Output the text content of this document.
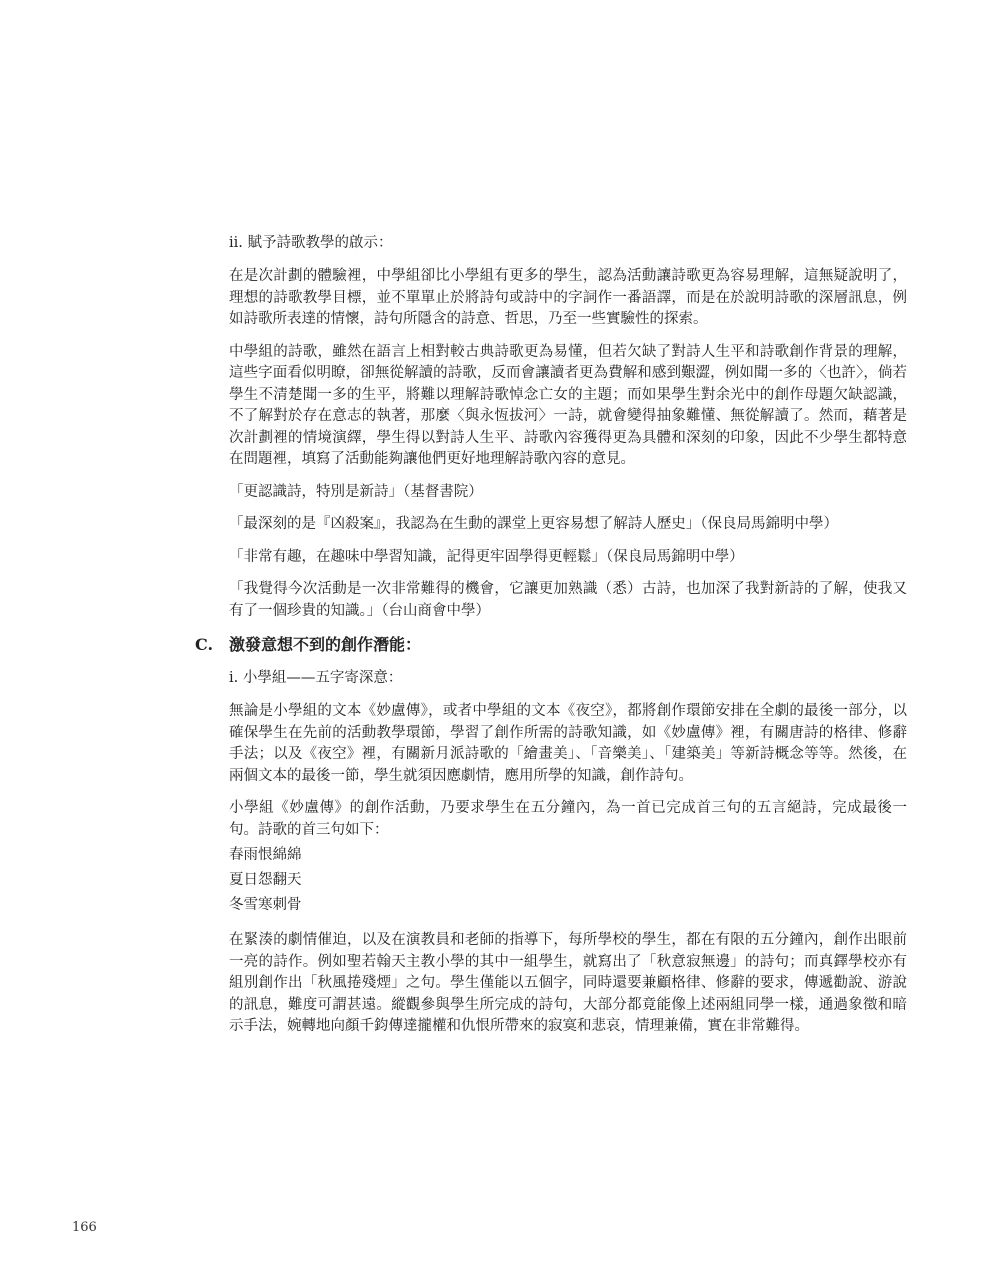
ii. 賦予詩歌教學的啟示：

在是次計劃的體驗裡，中學組卻比小學組有更多的學生，認為活動讓詩歌更為容易理解，這無疑說明了，理想的詩歌教學目標，並不單單止於將詩句或詩中的字詞作一番語譯，而是在於說明詩歌的深層訊息，例如詩歌所表達的情懷，詩句所隱含的詩意、哲思，乃至一些實驗性的探索。

中學組的詩歌，雖然在語言上相對較古典詩歌更為易懂，但若欠缺了對詩人生平和詩歌創作背景的理解，這些字面看似明瞭，卻無從解讀的詩歌，反而會讓讀者更為費解和感到艱澀，例如聞一多的〈也許〉，倘若學生不清楚聞一多的生平，將難以理解詩歌悼念亡女的主題；而如果學生對余光中的創作母題欠缺認識，不了解對於存在意志的執著，那麼〈與永恆拔河〉一詩，就會變得抽象難懂、無從解讀了。然而，藉著是次計劃裡的情境演繹，學生得以對詩人生平、詩歌內容獲得更為具體和深刻的印象，因此不少學生都特意在問題裡，填寫了活動能夠讓他們更好地理解詩歌內容的意見。

「更認識詩，特別是新詩」（基督書院）

「最深刻的是『凶殺案』，我認為在生動的課堂上更容易想了解詩人歷史」（保良局馬錦明中學）

「非常有趣，在趣味中學習知識，記得更牢固學得更輕鬆」（保良局馬錦明中學）

「我覺得今次活動是一次非常難得的機會，它讓更加熟識（悉）古詩，也加深了我對新詩的了解，使我又有了一個珍貴的知識。」（台山商會中學）

C. 激發意想不到的創作潛能：

i. 小學組——五字寄深意：

無論是小學組的文本《妙盧傳》，或者中學組的文本《夜空》，都將創作環節安排在全劇的最後一部分，以確保學生在先前的活動教學環節，學習了創作所需的詩歌知識，如《妙盧傳》裡，有關唐詩的格律、修辭手法；以及《夜空》裡，有關新月派詩歌的「繪畫美」、「音樂美」、「建築美」等新詩概念等等。然後，在兩個文本的最後一節，學生就須因應劇情，應用所學的知識，創作詩句。

小學組《妙盧傳》的創作活動，乃要求學生在五分鐘內，為一首已完成首三句的五言絕詩，完成最後一句。詩歌的首三句如下：

春雨恨綿綿

夏日怨翻天

冬雪寒刺骨

在緊湊的劇情催迫，以及在演教員和老師的指導下，每所學校的學生，都在有限的五分鐘內，創作出眼前一亮的詩作。例如聖若翰天主教小學的其中一組學生，就寫出了「秋意寂無邊」的詩句；而真鐸學校亦有組別創作出「秋風捲殘煙」之句。學生僅能以五個字，同時還要兼顧格律、修辭的要求，傳遞勸說、游說的訊息，難度可謂甚遠。縱觀參與學生所完成的詩句，大部分都竟能像上述兩組同學一樣，通過象徵和暗示手法，婉轉地向顏千鈞傳達攏權和仇恨所帶來的寂寞和悲哀，情理兼備，實在非常難得。

166
